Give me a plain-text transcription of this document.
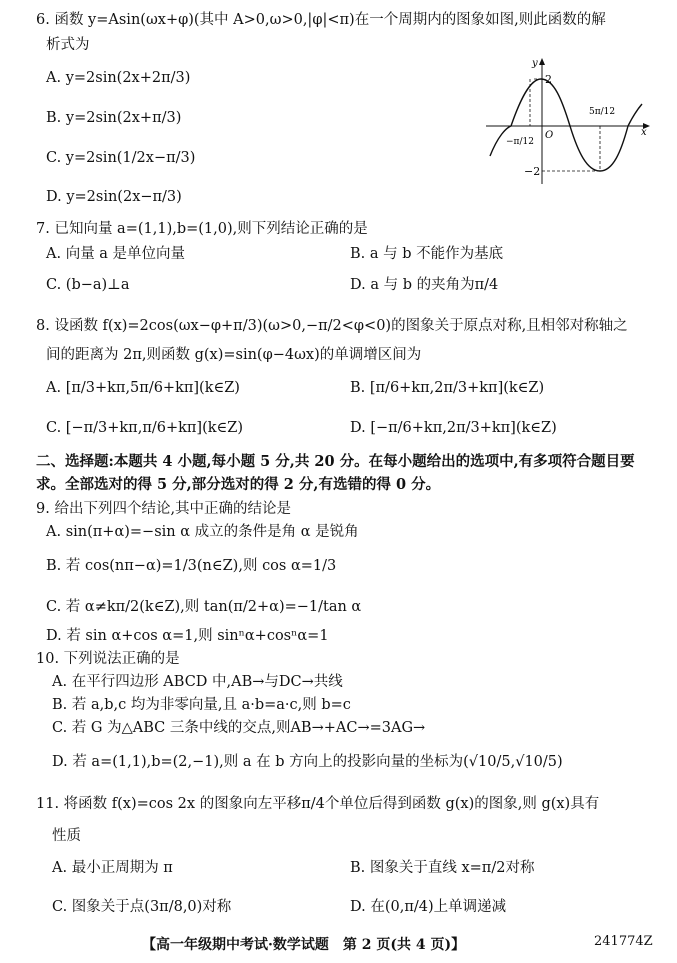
6. 函数 y=Asin(ωx+φ)(其中 A>0,ω>0,|φ|<π)在一个周期内的图象如图,则此函数的解
析式为
A. y=2sin(2x+2π/3)
B. y=2sin(2x+π/3)
C. y=2sin(1/2x−π/3)
D. y=2sin(2x−π/3)
y
x
2
−2
O
−π/12
5π/12
7. 已知向量 a=(1,1),b=(1,0),则下列结论正确的是
A. 向量 a 是单位向量	B. a 与 b 不能作为基底
C. (b−a)⊥a	D. a 与 b 的夹角为π/4
8. 设函数 f(x)=2cos(ωx−φ+π/3)(ω>0,−π/2<φ<0)的图象关于原点对称,且相邻对称轴之
间的距离为 2π,则函数 g(x)=sin(φ−4ωx)的单调增区间为
A. [π/3+kπ,5π/6+kπ](k∈Z)	B. [π/6+kπ,2π/3+kπ](k∈Z)
C. [−π/3+kπ,π/6+kπ](k∈Z)	D. [−π/6+kπ,2π/3+kπ](k∈Z)
二、选择题:本题共 4 小题,每小题 5 分,共 20 分。在每小题给出的选项中,有多项符合题目要
求。全部选对的得 5 分,部分选对的得 2 分,有选错的得 0 分。
9. 给出下列四个结论,其中正确的结论是
A. sin(π+α)=−sin α 成立的条件是角 α 是锐角
B. 若 cos(nπ−α)=1/3(n∈Z),则 cos α=1/3
C. 若 α≠kπ/2(k∈Z),则 tan(π/2+α)=−1/tan α
D. 若 sin α+cos α=1,则 sinⁿα+cosⁿα=1
10. 下列说法正确的是
A. 在平行四边形 ABCD 中,AB→与DC→共线
B. 若 a,b,c 均为非零向量,且 a·b=a·c,则 b=c
C. 若 G 为△ABC 三条中线的交点,则AB→+AC→=3AG→
D. 若 a=(1,1),b=(2,−1),则 a 在 b 方向上的投影向量的坐标为(√10/5,√10/5)
11. 将函数 f(x)=cos 2x 的图象向左平移π/4个单位后得到函数 g(x)的图象,则 g(x)具有
性质
A. 最小正周期为 π	B. 图象关于直线 x=π/2对称
C. 图象关于点(3π/8,0)对称	D. 在(0,π/4)上单调递减
【高一年级期中考试·数学试题　第 2 页(共 4 页)】	241774Z
